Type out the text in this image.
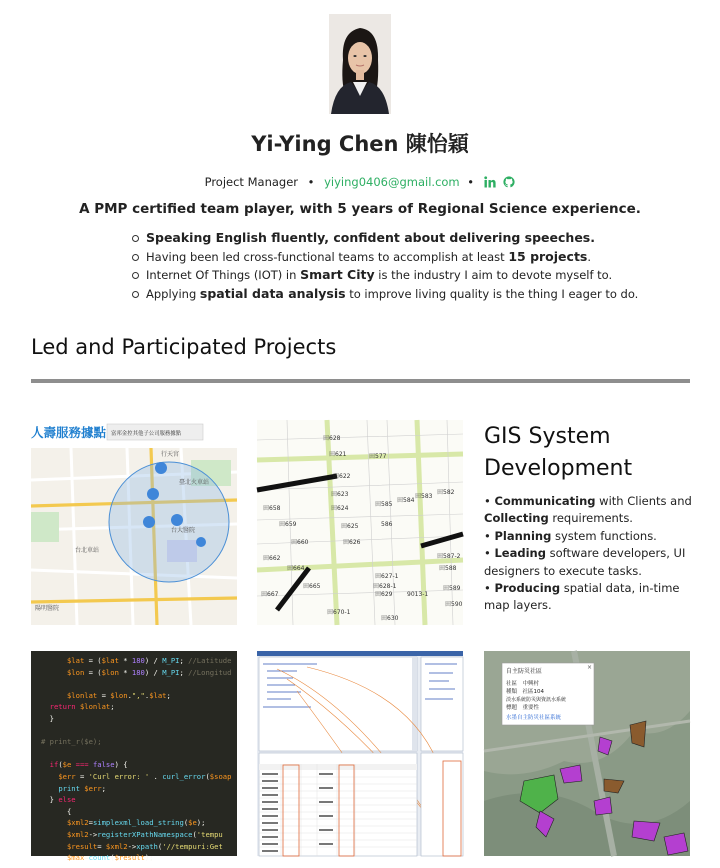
Yi-Ying Chen 陳怡穎
Project Manager • yiying0406@gmail.com •
A PMP certified team player, with 5 years of Regional Science experience.
Speaking English fluently, confident about delivering speeches.
Having been led cross-functional teams to accomplish at least 15 projects.
Internet Of Things (IOT) in Smart City is the industry I aim to devote myself to.
Applying spatial data analysis to improve living quality is the thing I eager to do.
Led and Participated Projects
人壽服務據點 富邦金控其他子公司服務據點
行天宮
臺北火車站
台北車站
台大醫院
陽明醫院
田628
田621	田577
田622
田623
田624
田625
田626
田627-1
田628-1
田629
田630
田658
田659
田660
田662
田664
田665
田667
田670-1
田584
田585
田583
田582
田587-2
田588
田589
田590
586
9013-1
GIS System Development
• Communicating with Clients and Collecting requirements.
• Planning system functions.
• Leading software developers, UI designers to execute tasks.
• Producing spatial data, in-time map layers.
$lat = ($lat * 180) / M_PI; //Latitude
$lon = ($lon * 180) / M_PI; //Longitud

$lonlat = $lon.",".$lat;
return $lonlat;
}

# print_r($e);

if($e === false) {
$err = 'Curl error: ' . curl_error($soap
print $err;
} else
{
$xml2=simplexml_load_string($e);
$xml2->registerXPathNamespace('tempu
$result= $xml2->xpath('//tempuri:Get
$max=count($result);
×
自主防災社區
社區　中興村
種類　社區104
淡水系統防災與資訊水系統
標題　重要性
水墨自主防災社區系統
